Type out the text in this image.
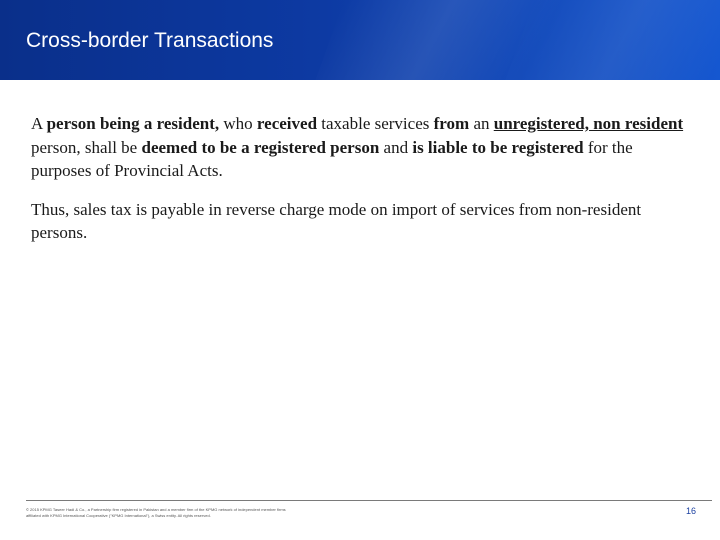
Cross-border Transactions

A person being a resident, who received taxable services from an unregistered, non resident person, shall be deemed to be a registered person and is liable to be registered for the purposes of Provincial Acts.

Thus, sales tax is payable in reverse charge mode on import of services from non-resident persons.

© 2015 KPMG Taseer Hadi & Co., a Partnership firm registered in Pakistan and a member firm of the KPMG network of independent member firms affiliated with KPMG International Cooperative ("KPMG International"), a Swiss entity. All rights reserved.	16
